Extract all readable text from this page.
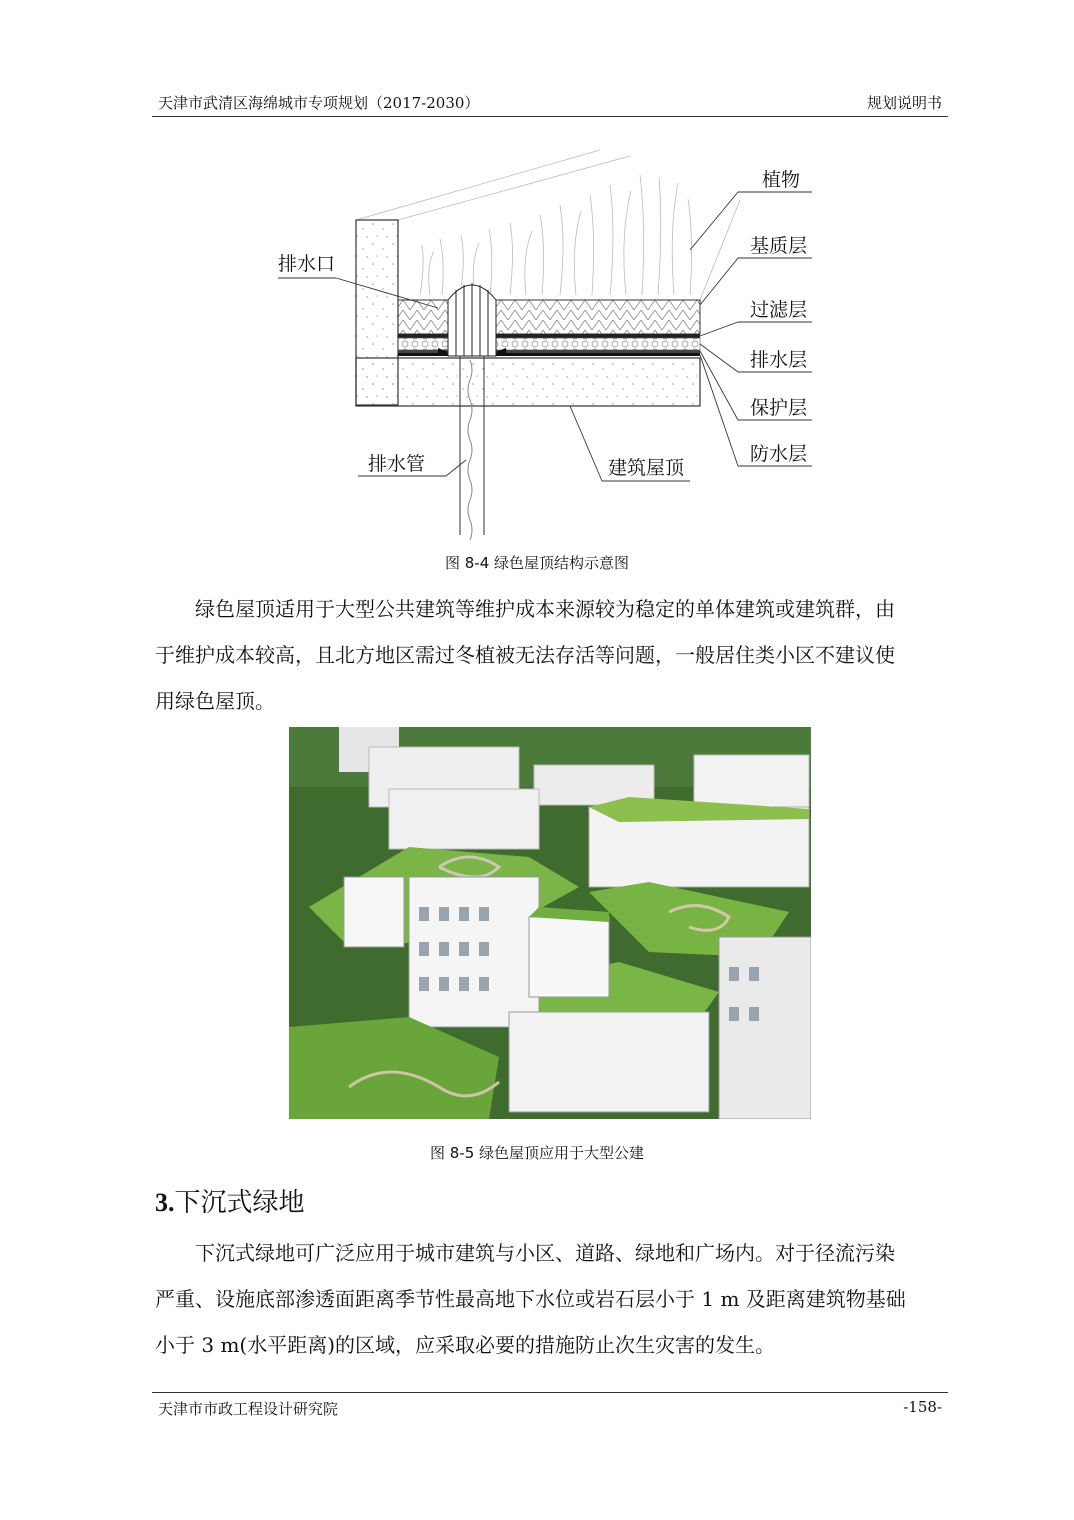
天津市武清区海绵城市专项规划（2017-2030）	规划说明书
植物
基质层
过滤层
排水层
保护层
防水层
排水口
排水管	建筑屋顶
图 8-4 绿色屋顶结构示意图
绿色屋顶适用于大型公共建筑等维护成本来源较为稳定的单体建筑或建筑群，由
于维护成本较高，且北方地区需过冬植被无法存活等问题，一般居住类小区不建议使
用绿色屋顶。
图 8-5 绿色屋顶应用于大型公建
3.下沉式绿地
下沉式绿地可广泛应用于城市建筑与小区、道路、绿地和广场内。对于径流污染
严重、设施底部渗透面距离季节性最高地下水位或岩石层小于 1 m 及距离建筑物基础
小于 3 m(水平距离)的区域，应采取必要的措施防止次生灾害的发生。
天津市市政工程设计研究院	-158-
